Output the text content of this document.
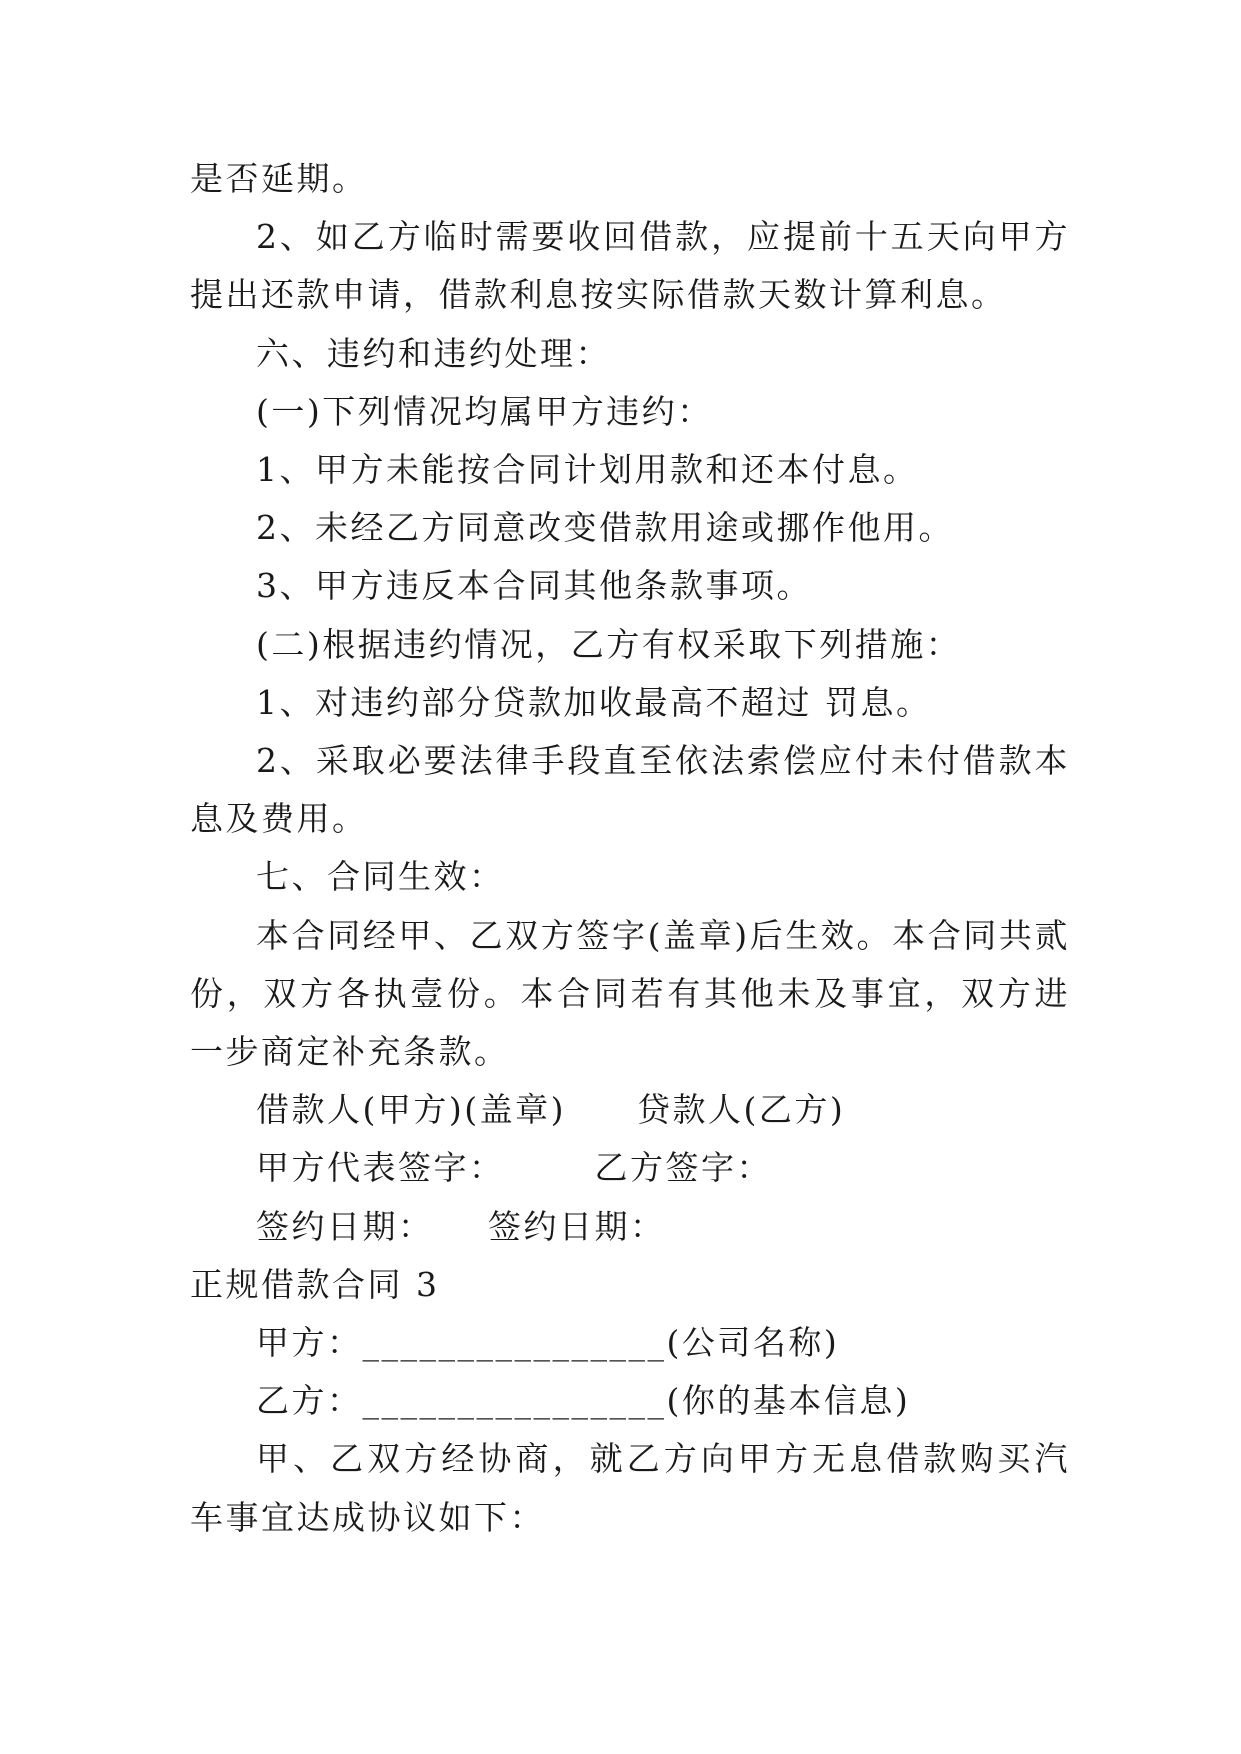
是否延期。

2、如乙方临时需要收回借款，应提前十五天向甲方提出还款申请，借款利息按实际借款天数计算利息。

六、违约和违约处理：

(一)下列情况均属甲方违约：

1、甲方未能按合同计划用款和还本付息。

2、未经乙方同意改变借款用途或挪作他用。

3、甲方违反本合同其他条款事项。

(二)根据违约情况，乙方有权采取下列措施：

1、对违约部分贷款加收最高不超过 罚息。

2、采取必要法律手段直至依法索偿应付未付借款本息及费用。

七、合同生效：

本合同经甲、乙双方签字(盖章)后生效。本合同共贰份，双方各执壹份。本合同若有其他未及事宜，双方进一步商定补充条款。

借款人(甲方)(盖章)　　贷款人(乙方)

甲方代表签字：　　　乙方签字：

签约日期：　　签约日期：

正规借款合同 3

甲方：________________(公司名称)

乙方：________________(你的基本信息)

甲、乙双方经协商，就乙方向甲方无息借款购买汽车事宜达成协议如下：
